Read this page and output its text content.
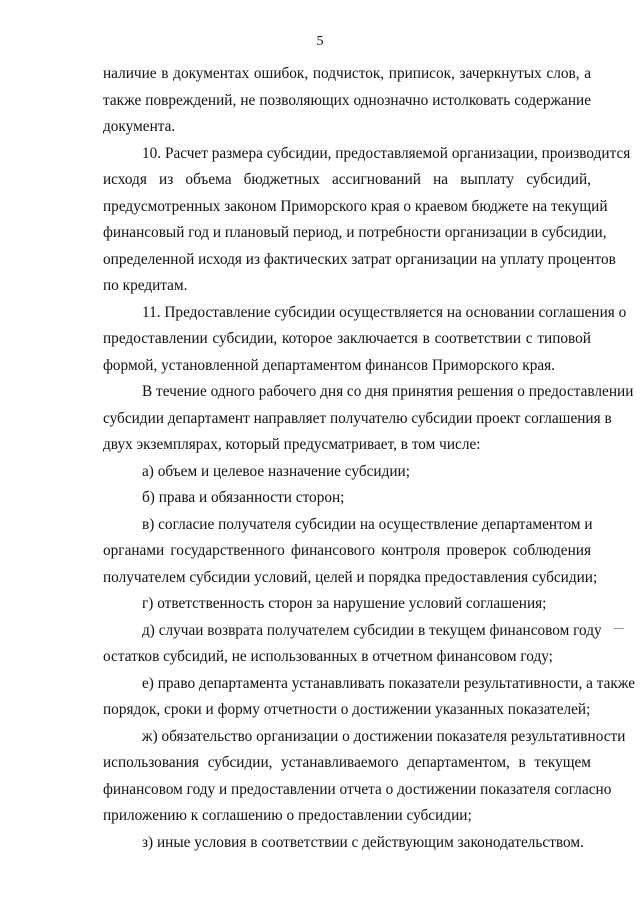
5

наличие в документах ошибок, подчисток, приписок, зачеркнутых слов, а
также повреждений, не позволяющих однозначно истолковать содержание
документа.

10. Расчет размера субсидии, предоставляемой организации, производится
исходя из объема бюджетных ассигнований на выплату субсидий,
предусмотренных законом Приморского края о краевом бюджете на текущий
финансовый год и плановый период, и потребности организации в субсидии,
определенной исходя из фактических затрат организации на уплату процентов
по кредитам.

11. Предоставление субсидии осуществляется на основании соглашения о
предоставлении субсидии, которое заключается в соответствии с типовой
формой, установленной департаментом финансов Приморского края.

В течение одного рабочего дня со дня принятия решения о предоставлении
субсидии департамент направляет получателю субсидии проект соглашения в
двух экземплярах, который предусматривает, в том числе:

а) объем и целевое назначение субсидии;

б) права и обязанности сторон;

в) согласие получателя субсидии на осуществление департаментом и
органами государственного финансового контроля проверок соблюдения
получателем субсидии условий, целей и порядка предоставления субсидии;

г) ответственность сторон за нарушение условий соглашения;

д) случаи возврата получателем субсидии в текущем финансовом году
остатков субсидий, не использованных в отчетном финансовом году;

е) право департамента устанавливать показатели результативности, а также
порядок, сроки и форму отчетности о достижении указанных показателей;

ж) обязательство организации о достижении показателя результативности
использования субсидии, устанавливаемого департаментом, в текущем
финансовом году и предоставлении отчета о достижении показателя согласно
приложению к соглашению о предоставлении субсидии;

з) иные условия в соответствии с действующим законодательством.
